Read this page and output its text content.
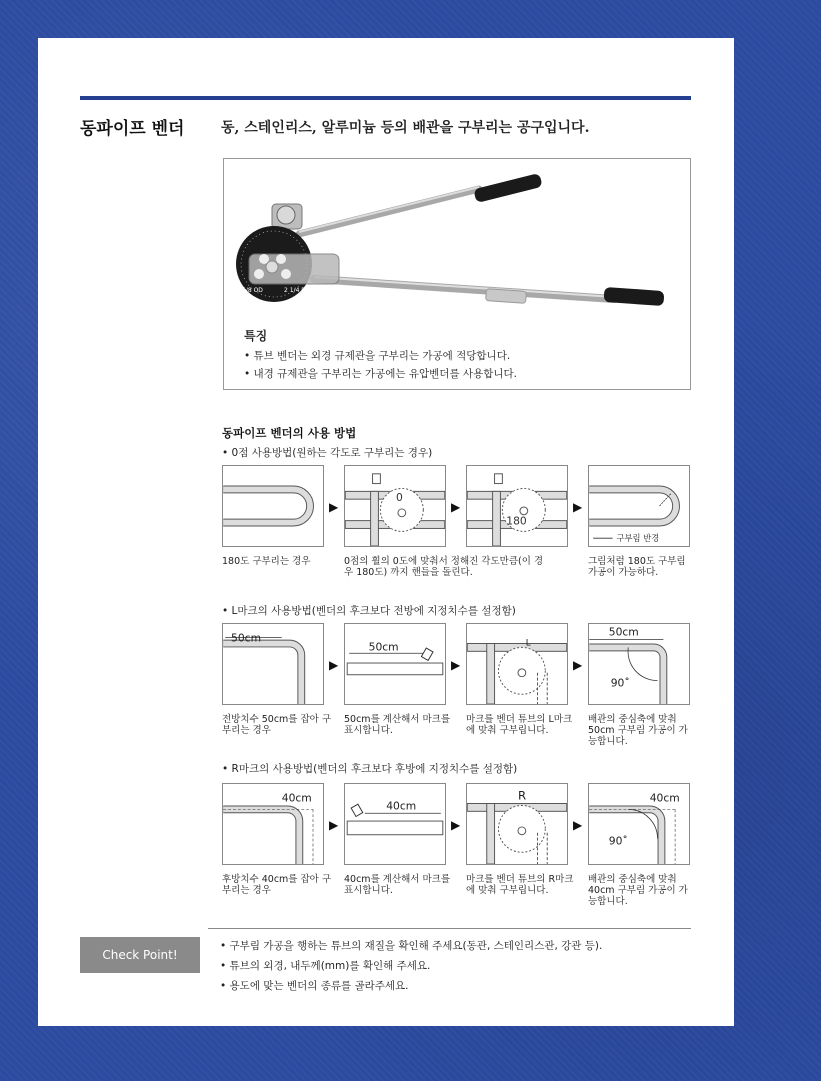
동파이프 벤더	동, 스테인리스, 알루미늄 등의 배관을 구부리는 공구입니다.
5/8 OD	2 1/4 R
특징
• 튜브 벤더는 외경 규제관을 구부리는 가공에 적당합니다.
• 내경 규제관을 구부리는 가공에는 유압벤더를 사용합니다.
동파이프 벤더의 사용 방법
• 0점 사용방법(원하는 각도로 구부리는 경우)
▶
0
▶
180
▶
구부림 반경
180도 구부리는 경우	0점의 휠의 0도에 맞춰서 정해진 각도만큼(이 경우 180도) 까지 핸들을 돌린다.
그림처럼 180도 구부림 가공이 가능하다.
• L마크의 사용방법(벤더의 후크보다 전방에 지정치수를 설정함)
50cm
▶
50cm
▶
L
▶
50cm
90˚
전방치수 50cm를 잡아 구부리는 경우
50cm를 계산해서 마크를 표시합니다.
마크를 벤더 튜브의 L마크에 맞춰 구부립니다.
배관의 중심축에 맞춰 50cm 구부림 가공이 가능합니다.
• R마크의 사용방법(벤더의 후크보다 후방에 지정치수를 설정함)
40cm
▶
40cm
▶
R
▶
40cm
90˚
후방치수 40cm를 잡아 구부리는 경우
40cm를 계산해서 마크를 표시합니다.
마크를 벤더 튜브의 R마크에 맞춰 구부립니다.
배관의 중심축에 맞춰 40cm 구부림 가공이 가능합니다.
Check Point!
• 구부림 가공을 행하는 튜브의 재질을 확인해 주세요(동관, 스테인리스관, 강관 등).
• 튜브의 외경, 내두께(mm)를 확인해 주세요.
• 용도에 맞는 벤더의 종류를 골라주세요.
